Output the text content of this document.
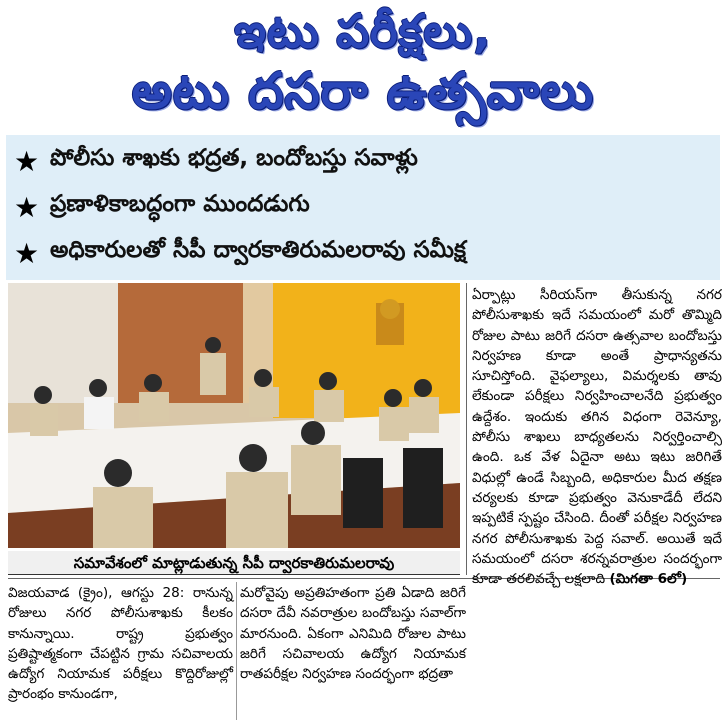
ఇటు పరీక్షలు,
అటు దసరా ఉత్సవాలు
★ పోలీసు శాఖకు భద్రత, బందోబస్తు సవాళ్లు
★ ప్రణాళికాబద్ధంగా ముందడుగు
★ అధికారులతో సీపీ ద్వారకాతిరుమలరావు సమీక్ష
సమావేశంలో మాట్లాడుతున్న సీపీ ద్వారకాతిరుమలరావు

ఏర్పాట్లు సీరియస్‌గా తీసుకున్న నగర పోలీసుశాఖకు ఇదే సమయంలో మరో తొమ్మిది రోజుల పాటు జరిగే దసరా ఉత్సవాల బందోబస్తు నిర్వహణ కూడా అంతే ప్రాధాన్యతను సూచిస్తోంది. వైఫల్యాలు, విమర్శలకు తావు లేకుండా పరీక్షలు నిర్వహించాలనేది ప్రభుత్వం ఉద్దేశం. ఇందుకు తగిన విధంగా రెవెన్యూ, పోలీసు శాఖలు బాధ్యతలను నిర్వర్తించాల్సి ఉంది. ఒక వేళ ఏదైనా అటు ఇటు జరిగితే విధుల్లో ఉండే సిబ్బంది, అధికారుల మీద తక్షణ చర్యలకు కూడా ప్రభుత్వం వెనుకాడేదీ లేదని ఇప్పటికే స్పష్టం చేసింది. దీంతో పరీక్షల నిర్వహణ నగర పోలీసుశాఖకు పెద్ద సవాల్. అయితే ఇదే సమయంలో దసరా శరన్నవరాత్రుల సందర్భంగా కూడా తరలివచ్చే లక్షలాది (మిగతా 6లో)

విజయవాడ (క్రైం), ఆగస్టు 28: రానున్న రోజులు నగర పోలీసుశాఖకు కీలకం కానున్నాయి. రాష్ట్ర ప్రభుత్వం ప్రతిష్టాత్మకంగా చేపట్టిన గ్రామ సచివాలయ ఉద్యోగ నియామక పరీక్షలు కొద్దిరోజుల్లో ప్రారంభం కానుండగా,

మరోవైపు అప్రతిహతంగా ప్రతి ఏడాది జరిగే దసరా దేవీ నవరాత్రుల బందోబస్తు సవాల్‌గా మారనుంది. ఏకంగా ఎనిమిది రోజుల పాటు జరిగే సచివాలయ ఉద్యోగ నియామక రాతపరీక్షల నిర్వహణ సందర్భంగా భద్రతా
